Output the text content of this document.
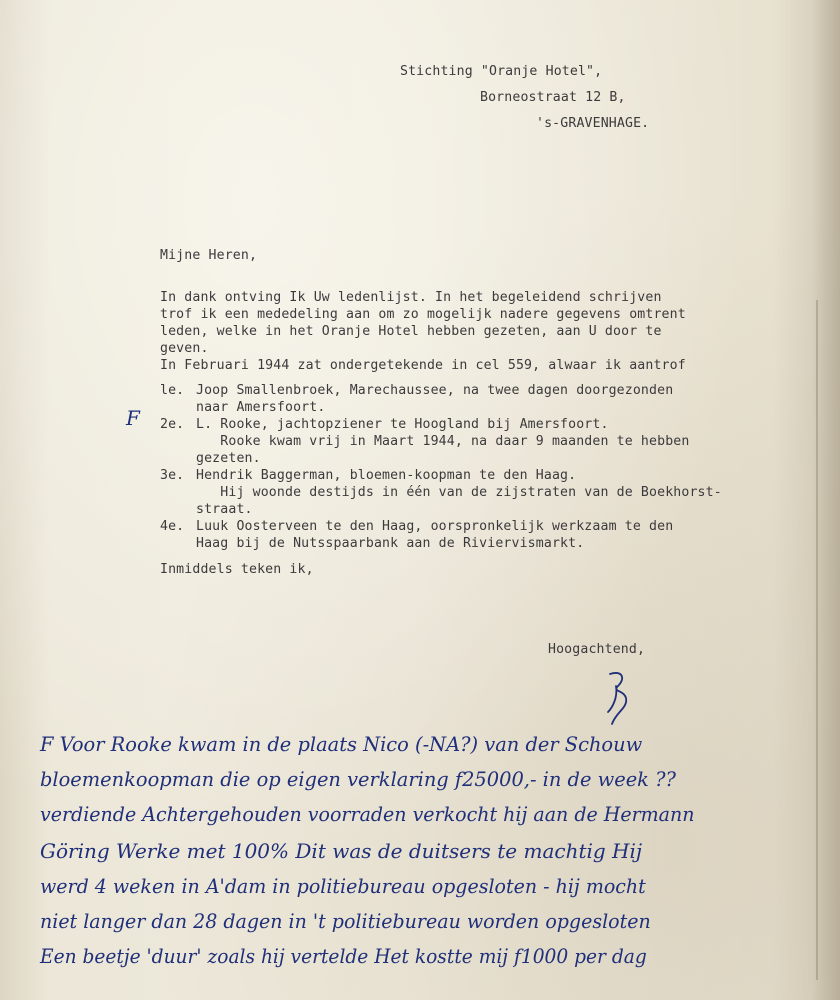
Stichting "Oranje Hotel",
Borneostraat 12 B,
's-GRAVENHAGE.
Mijne Heren,
In dank ontving Ik Uw ledenlijst. In het begeleidend schrijven
trof ik een mededeling aan om zo mogelijk nadere gegevens omtrent
leden, welke in het Oranje Hotel hebben gezeten, aan U door te
geven.
In Februari 1944 zat ondergetekende in cel 559, alwaar ik aantrof
le. Joop Smallenbroek, Marechaussee, na twee dagen doorgezonden
naar Amersfoort.
2e. L. Rooke, jachtopziener te Hoogland bij Amersfoort.
Rooke kwam vrij in Maart 1944, na daar 9 maanden te hebben
gezeten.
3e. Hendrik Baggerman, bloemen-koopman te den Haag.
Hij woonde destijds in één van de zijstraten van de Boekhorst-
straat.
4e. Luuk Oosterveen te den Haag, oorspronkelijk werkzaam te den
Haag bij de Nutsspaarbank aan de Riviervismarkt.
Inmiddels teken ik,
Hoogachtend,
F
F Voor Rooke kwam in de plaats Nico (-NA?) van der Schouw
bloemenkoopman die op eigen verklaring f25000,- in de week ??
verdiende Achtergehouden voorraden verkocht hij aan de Hermann
Göring Werke met 100% Dit was de duitsers te machtig Hij
werd 4 weken in A'dam in politiebureau opgesloten - hij mocht
niet langer dan 28 dagen in 't politiebureau worden opgesloten
Een beetje 'duur' zoals hij vertelde Het kostte mij f1000 per dag
